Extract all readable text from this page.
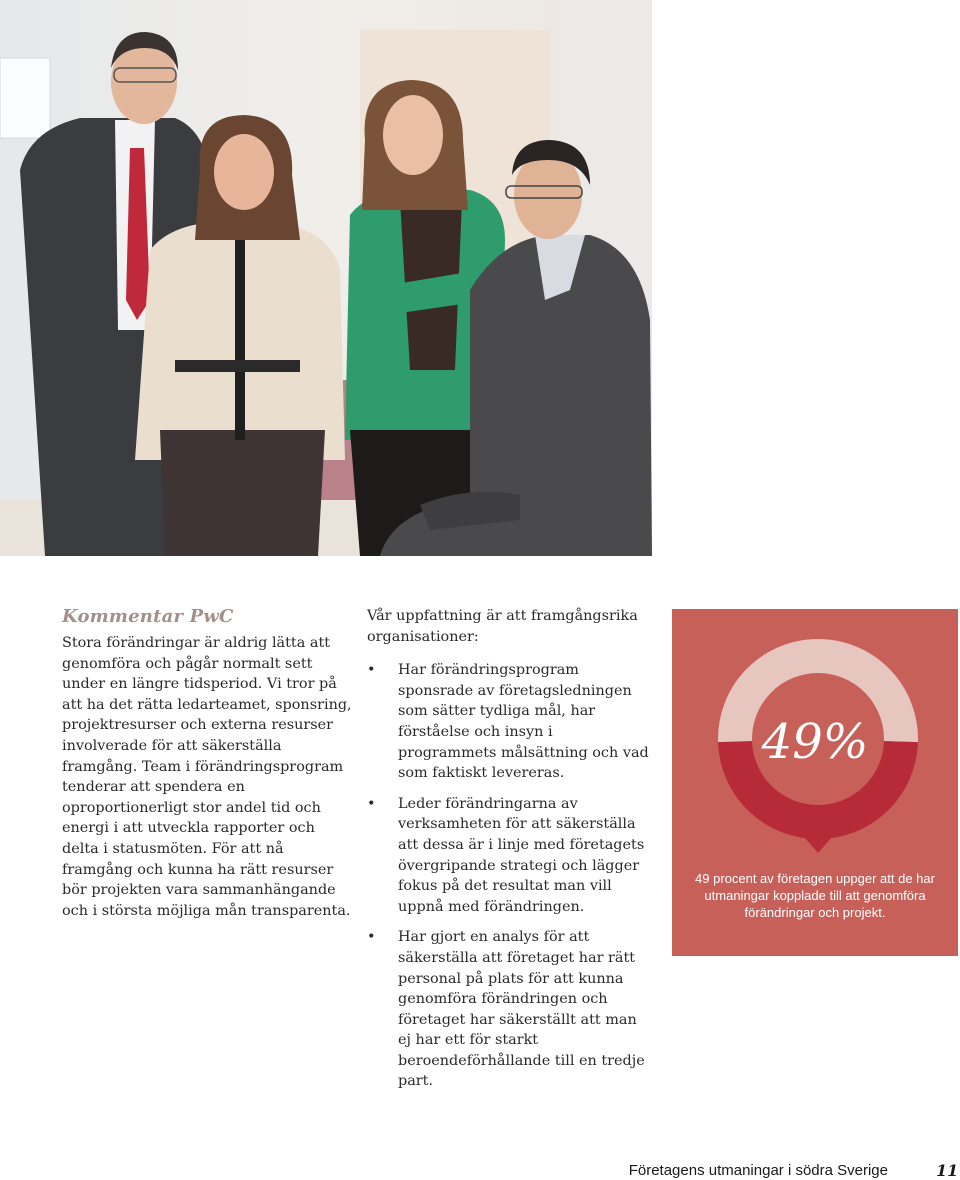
Kommentar PwC

Stora förändringar är aldrig lätta att genomföra och pågår normalt sett under en längre tidsperiod. Vi tror på att ha det rätta ledarteamet, sponsring, projektresurser och externa resurser involverade för att säkerställa framgång. Team i förändringsprogram tenderar att spendera en oproportionerligt stor andel tid och energi i att utveckla rapporter och delta i statusmöten. För att nå framgång och kunna ha rätt resurser bör projekten vara sammanhängande och i största möjliga mån transparenta.

Vår uppfattning är att framgångsrika organisationer:

• Har förändringsprogram sponsrade av företagsledningen som sätter tydliga mål, har förståelse och insyn i programmets målsättning och vad som faktiskt levereras.
• Leder förändringarna av verksamheten för att säkerställa att dessa är i linje med företagets övergripande strategi och lägger fokus på det resultat man vill uppnå med förändringen.
• Har gjort en analys för att säkerställa att företaget har rätt personal på plats för att kunna genomföra förändringen och företaget har säkerställt att man ej har ett för starkt beroendeförhållande till en tredje part.
49%
49 procent av företagen uppger att de har utmaningar kopplade till att genomföra förändringar och projekt.
Företagens utmaningar i södra Sverige	11
